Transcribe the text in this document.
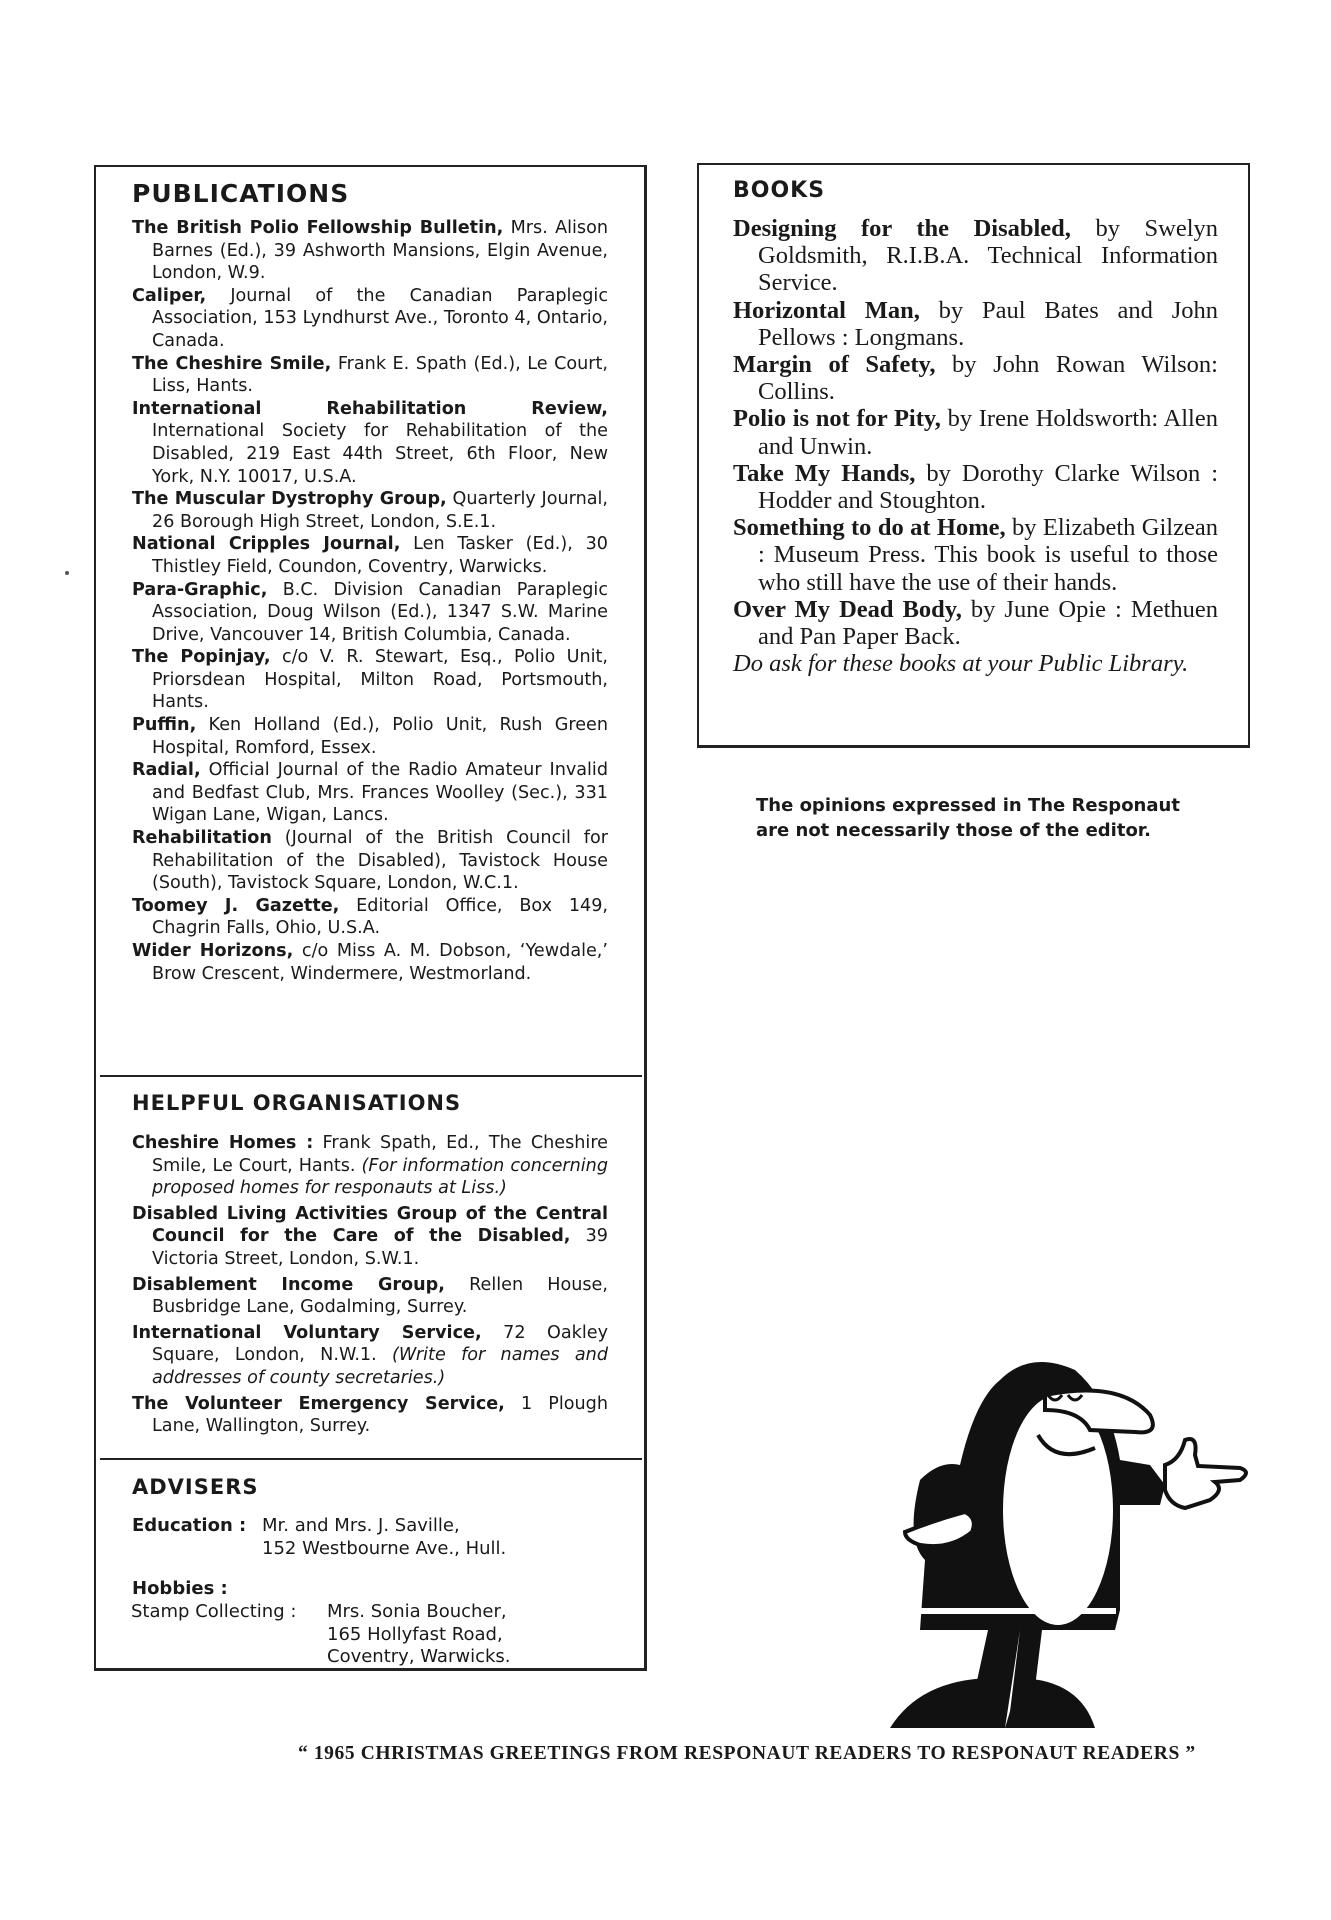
PUBLICATIONS

The British Polio Fellowship Bulletin, Mrs. Alison Barnes (Ed.), 39 Ashworth Mansions, Elgin Avenue, London, W.9.

Caliper, Journal of the Canadian Paraplegic Association, 153 Lyndhurst Ave., Toronto 4, Ontario, Canada.

The Cheshire Smile, Frank E. Spath (Ed.), Le Court, Liss, Hants.

International Rehabilitation Review, International Society for Rehabilitation of the Disabled, 219 East 44th Street, 6th Floor, New York, N.Y. 10017, U.S.A.

The Muscular Dystrophy Group, Quarterly Journal, 26 Borough High Street, London, S.E.1.

National Cripples Journal, Len Tasker (Ed.), 30 Thistley Field, Coundon, Coventry, Warwicks.

Para-Graphic, B.C. Division Canadian Paraplegic Association, Doug Wilson (Ed.), 1347 S.W. Marine Drive, Vancouver 14, British Columbia, Canada.

The Popinjay, c/o V. R. Stewart, Esq., Polio Unit, Priorsdean Hospital, Milton Road, Portsmouth, Hants.

Puffin, Ken Holland (Ed.), Polio Unit, Rush Green Hospital, Romford, Essex.

Radial, Official Journal of the Radio Amateur Invalid and Bedfast Club, Mrs. Frances Woolley (Sec.), 331 Wigan Lane, Wigan, Lancs.

Rehabilitation (Journal of the British Council for Rehabilitation of the Disabled), Tavistock House (South), Tavistock Square, London, W.C.1.

Toomey J. Gazette, Editorial Office, Box 149, Chagrin Falls, Ohio, U.S.A.

Wider Horizons, c/o Miss A. M. Dobson, ‘Yewdale,’ Brow Crescent, Windermere, Westmorland.

HELPFUL ORGANISATIONS

Cheshire Homes : Frank Spath, Ed., The Cheshire Smile, Le Court, Hants. (For information concerning proposed homes for responauts at Liss.)

Disabled Living Activities Group of the Central Council for the Care of the Disabled, 39 Victoria Street, London, S.W.1.

Disablement Income Group, Rellen House, Busbridge Lane, Godalming, Surrey.

International Voluntary Service, 72 Oakley Square, London, N.W.1. (Write for names and addresses of county secretaries.)

The Volunteer Emergency Service, 1 Plough Lane, Wallington, Surrey.

ADVISERS
Education : Mr. and Mrs. J. Saville,
152 Westbourne Ave., Hull.
Hobbies :
Stamp Collecting : Mrs. Sonia Boucher,
165 Hollyfast Road,
Coventry, Warwicks.
BOOKS

Designing for the Disabled, by Swelyn Goldsmith, R.I.B.A. Technical Information Service.

Horizontal Man, by Paul Bates and John Pellows : Longmans.

Margin of Safety, by John Rowan Wilson: Collins.

Polio is not for Pity, by Irene Holdsworth: Allen and Unwin.

Take My Hands, by Dorothy Clarke Wilson : Hodder and Stoughton.

Something to do at Home, by Elizabeth Gilzean : Museum Press. This book is useful to those who still have the use of their hands.

Over My Dead Body, by June Opie : Methuen and Pan Paper Back.

Do ask for these books at your Public Library.

The opinions expressed in The Responaut are not necessarily those of the editor.
“ 1965 CHRISTMAS GREETINGS FROM RESPONAUT READERS TO RESPONAUT READERS ”
